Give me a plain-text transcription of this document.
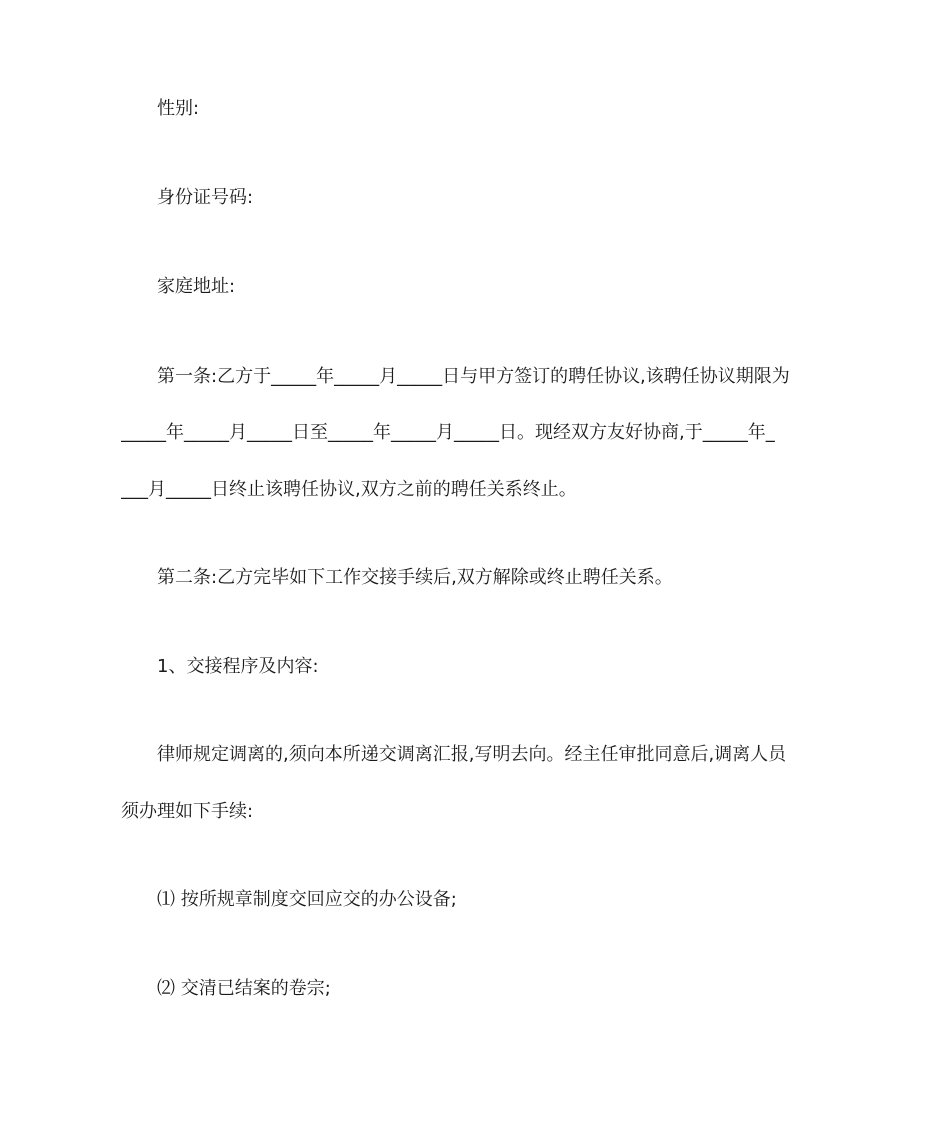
性别:
身份证号码:
家庭地址:
第一条:乙方于_____年_____月_____日与甲方签订的聘任协议,该聘任协议期限为
_____年_____月_____日至_____年_____月_____日。现经双方友好协商,于_____年_
___月_____日终止该聘任协议,双方之前的聘任关系终止。
第二条:乙方完毕如下工作交接手续后,双方解除或终止聘任关系。
1、交接程序及内容:
律师规定调离的,须向本所递交调离汇报,写明去向。经主任审批同意后,调离人员
须办理如下手续:
⑴ 按所规章制度交回应交的办公设备;
⑵ 交清已结案的卷宗;
